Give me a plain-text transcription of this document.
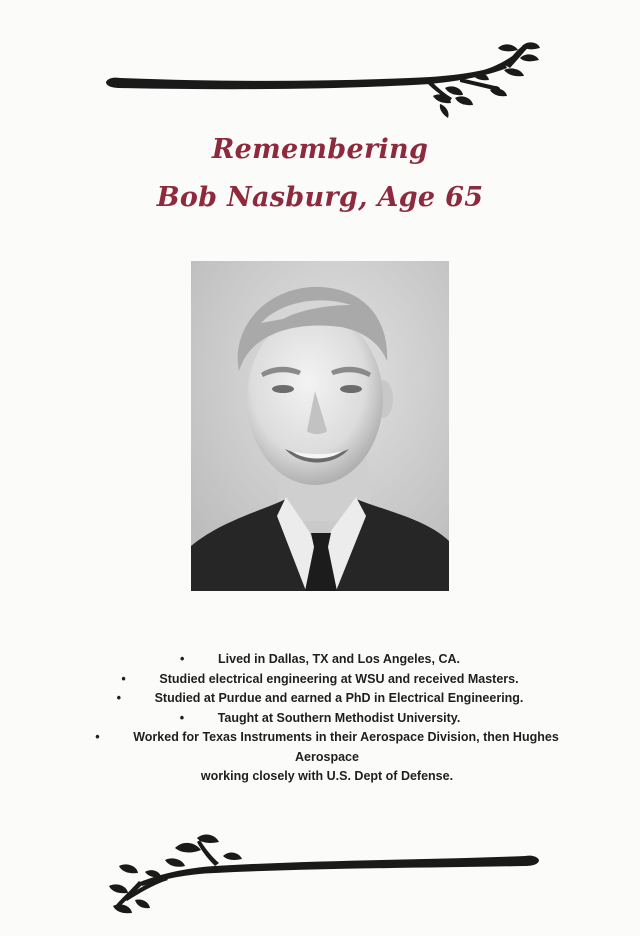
Remembering
Bob Nasburg, Age 65
•	Lived in Dallas, TX and Los Angeles, CA.
•	Studied electrical engineering at WSU and received Masters.
•	Studied at Purdue and earned a PhD in Electrical Engineering.
•	Taught at Southern Methodist University.
•	Worked for Texas Instruments in their Aerospace Division, then Hughes Aerospace
working closely with U.S. Dept of Defense.
